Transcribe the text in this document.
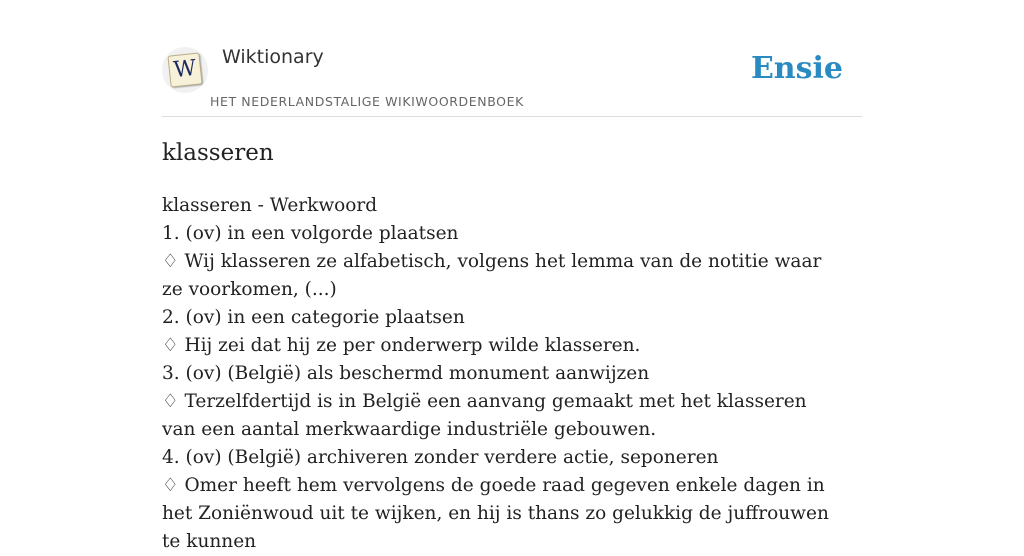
W Wiktionary
HET NEDERLANDSTALIGE WIKIWOORDENBOEK
Ensie
klasseren
klasseren - Werkwoord
1. (ov) in een volgorde plaatsen
♢ Wij klasseren ze alfabetisch, volgens het lemma van de notitie waar ze voorkomen, (...)
2. (ov) in een categorie plaatsen
♢ Hij zei dat hij ze per onderwerp wilde klasseren.
3. (ov) (België) als beschermd monument aanwijzen
♢ Terzelfdertijd is in België een aanvang gemaakt met het klasseren van een aantal merkwaardige industriële gebouwen.
4. (ov) (België) archiveren zonder verdere actie, seponeren
♢ Omer heeft hem vervolgens de goede raad gegeven enkele dagen in het Zoniënwoud uit te wijken, en hij is thans zo gelukkig de juffrouwen te kunnen
